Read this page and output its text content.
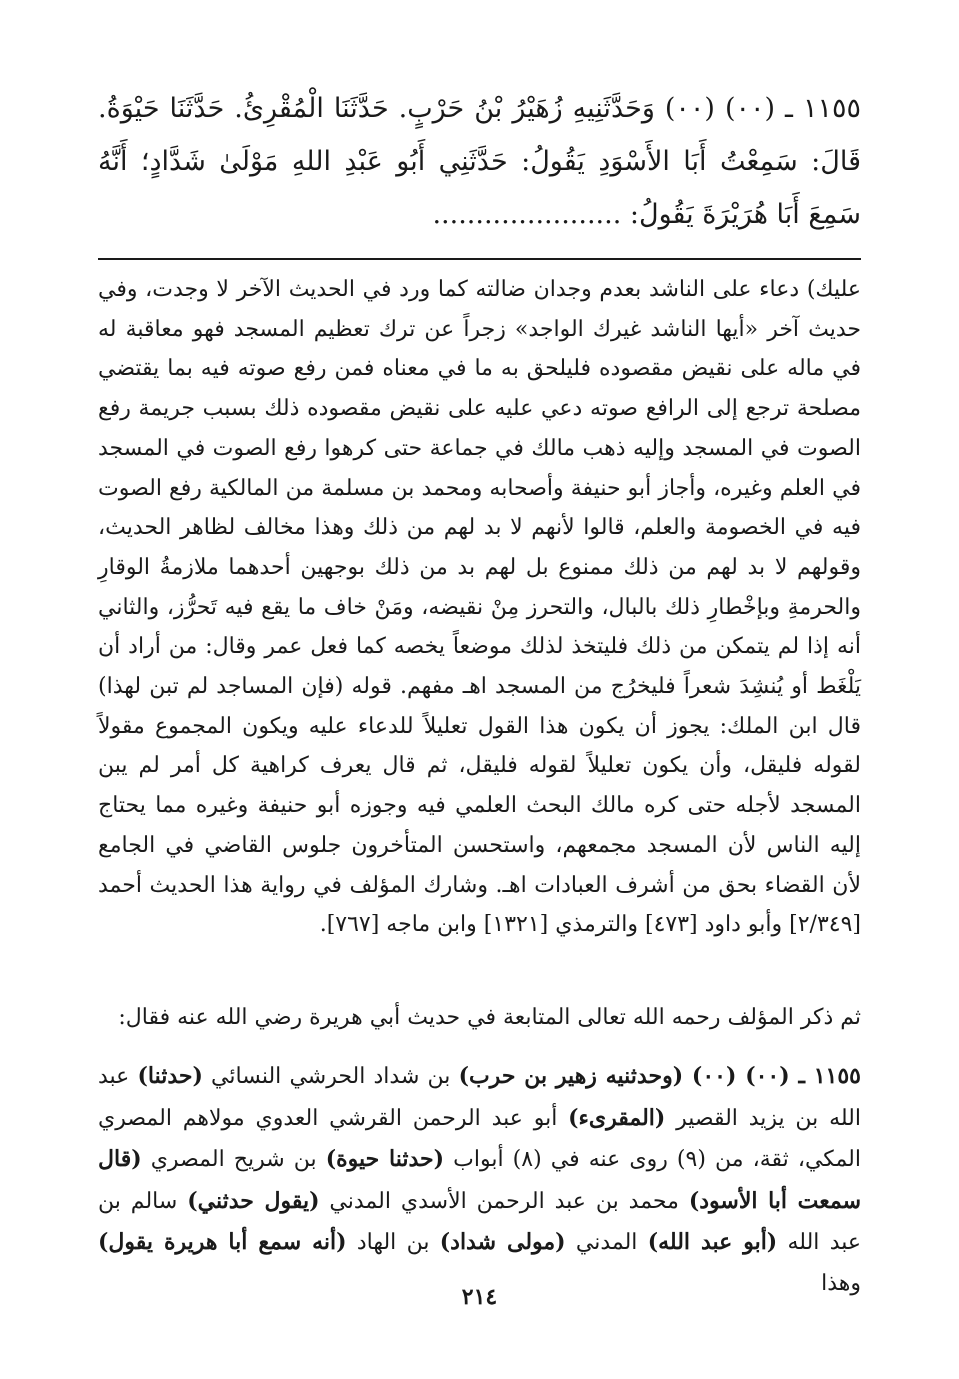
١١٥٥ ـ (٠٠) (٠٠) وَحَدَّثَنِيهِ زُهَيْرُ بْنُ حَرْبٍ. حَدَّثَنَا الْمُقْرِئُ. حَدَّثَنَا حَيْوَةُ. قَالَ: سَمِعْتُ أَبَا الأَسْوَدِ يَقُولُ: حَدَّثَنِي أَبُو عَبْدِ اللهِ مَوْلَىٰ شَدَّادٍ؛ أَنَّهُ سَمِعَ أَبَا هُرَيْرَةَ يَقُولُ: ......................

عليك) دعاء على الناشد بعدم وجدان ضالته كما ورد في الحديث الآخر لا وجدت، وفي حديث آخر «أيها الناشد غيرك الواجد» زجراً عن ترك تعظيم المسجد فهو معاقبة له في ماله على نقيض مقصوده فليلحق به ما في معناه فمن رفع صوته فيه بما يقتضي مصلحة ترجع إلى الرافع صوته دعي عليه على نقيض مقصوده ذلك بسبب جريمة رفع الصوت في المسجد وإليه ذهب مالك في جماعة حتى كرهوا رفع الصوت في المسجد في العلم وغيره، وأجاز أبو حنيفة وأصحابه ومحمد بن مسلمة من المالكية رفع الصوت فيه في الخصومة والعلم، قالوا لأنهم لا بد لهم من ذلك وهذا مخالف لظاهر الحديث، وقولهم لا بد لهم من ذلك ممنوع بل لهم بد من ذلك بوجهين أحدهما ملازمةُ الوقارِ والحرمةِ وبإخْطارِ ذلك بالبال، والتحرز مِنْ نقيضه، ومَنْ خاف ما يقع فيه تَحرُّز، والثاني أنه إذا لم يتمكن من ذلك فليتخذ لذلك موضعاً يخصه كما فعل عمر وقال: من أراد أن يَلْغَط أو يُنشِدَ شعراً فليخرُج من المسجد اهـ مفهم. قوله (فإن المساجد لم تبن لهذا) قال ابن الملك: يجوز أن يكون هذا القول تعليلاً للدعاء عليه ويكون المجموع مقولاً لقوله فليقل، وأن يكون تعليلاً لقوله فليقل، ثم قال يعرف كراهية كل أمر لم يبن المسجد لأجله حتى كره مالك البحث العلمي فيه وجوزه أبو حنيفة وغيره مما يحتاج إليه الناس لأن المسجد مجمعهم، واستحسن المتأخرون جلوس القاضي في الجامع لأن القضاء بحق من أشرف العبادات اهـ. وشارك المؤلف في رواية هذا الحديث أحمد [٢/٣٤٩] وأبو داود [٤٧٣] والترمذي [١٣٢١] وابن ماجه [٧٦٧].

ثم ذكر المؤلف رحمه الله تعالى المتابعة في حديث أبي هريرة رضي الله عنه فقال:

١١٥٥ ـ (٠٠) (٠٠) (وحدثنيه زهير بن حرب) بن شداد الحرشي النسائي (حدثنا) عبد الله بن يزيد القصير (المقرىء) أبو عبد الرحمن القرشي العدوي مولاهم المصري المكي، ثقة، من (٩) روى عنه في (٨) أبواب (حدثنا حيوة) بن شريح المصري (قال سمعت أبا الأسود) محمد بن عبد الرحمن الأسدي المدني (يقول حدثني) سالم بن عبد الله (أبو عبد الله) المدني (مولى شداد) بن الهاد (أنه سمع أبا هريرة يقول) وهذا

٢١٤
